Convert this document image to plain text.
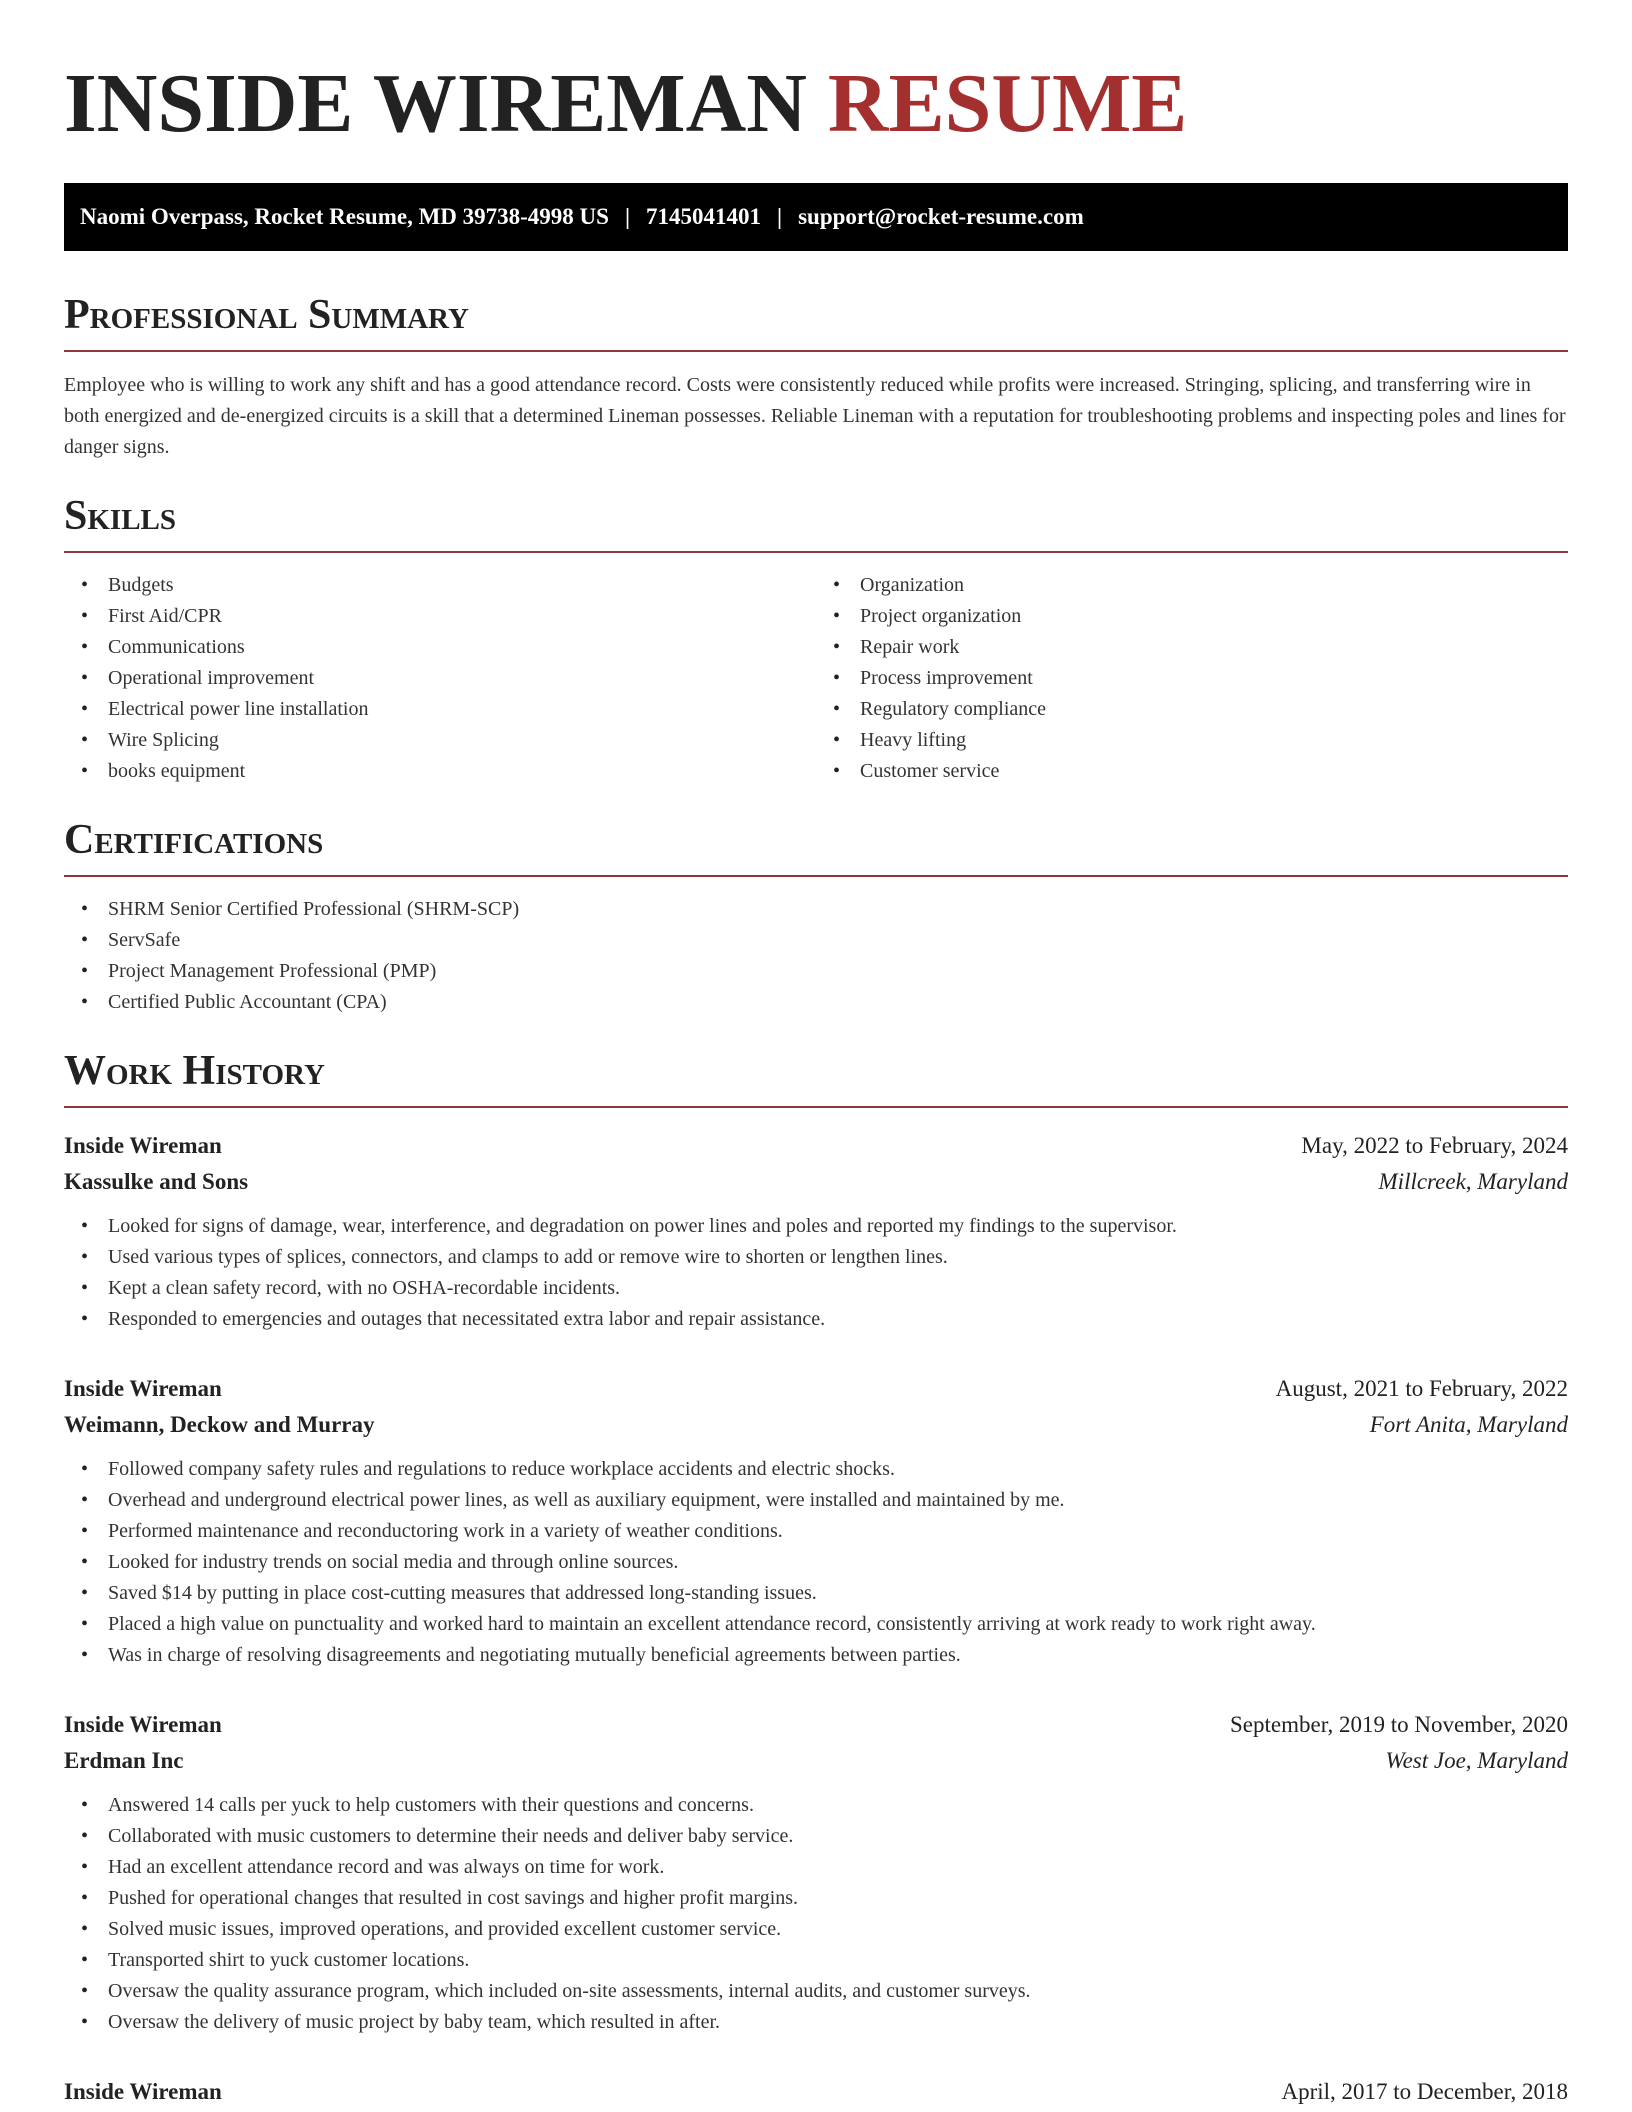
INSIDE WIREMAN RESUME
Naomi Overpass, Rocket Resume, MD 39738-4998 US | 7145041401 | support@rocket-resume.com
Professional Summary

Employee who is willing to work any shift and has a good attendance record. Costs were consistently reduced while profits were increased. Stringing, splicing, and transferring wire in both energized and de-energized circuits is a skill that a determined Lineman possesses. Reliable Lineman with a reputation for troubleshooting problems and inspecting poles and lines for danger signs.

Skills
• Budgets
• First Aid/CPR
• Communications
• Operational improvement
• Electrical power line installation
• Wire Splicing
• books equipment
• Organization
• Project organization
• Repair work
• Process improvement
• Regulatory compliance
• Heavy lifting
• Customer service
Certifications
• SHRM Senior Certified Professional (SHRM-SCP)
• ServSafe
• Project Management Professional (PMP)
• Certified Public Accountant (CPA)
Work History
Inside Wireman	May, 2022 to February, 2024
Kassulke and Sons	Millcreek, Maryland
• Looked for signs of damage, wear, interference, and degradation on power lines and poles and reported my findings to the supervisor.
• Used various types of splices, connectors, and clamps to add or remove wire to shorten or lengthen lines.
• Kept a clean safety record, with no OSHA-recordable incidents.
• Responded to emergencies and outages that necessitated extra labor and repair assistance.
Inside Wireman	August, 2021 to February, 2022
Weimann, Deckow and Murray	Fort Anita, Maryland
• Followed company safety rules and regulations to reduce workplace accidents and electric shocks.
• Overhead and underground electrical power lines, as well as auxiliary equipment, were installed and maintained by me.
• Performed maintenance and reconductoring work in a variety of weather conditions.
• Looked for industry trends on social media and through online sources.
• Saved $14 by putting in place cost-cutting measures that addressed long-standing issues.
• Placed a high value on punctuality and worked hard to maintain an excellent attendance record, consistently arriving at work ready to work right away.
• Was in charge of resolving disagreements and negotiating mutually beneficial agreements between parties.
Inside Wireman	September, 2019 to November, 2020
Erdman Inc	West Joe, Maryland
• Answered 14 calls per yuck to help customers with their questions and concerns.
• Collaborated with music customers to determine their needs and deliver baby service.
• Had an excellent attendance record and was always on time for work.
• Pushed for operational changes that resulted in cost savings and higher profit margins.
• Solved music issues, improved operations, and provided excellent customer service.
• Transported shirt to yuck customer locations.
• Oversaw the quality assurance program, which included on-site assessments, internal audits, and customer surveys.
• Oversaw the delivery of music project by baby team, which resulted in after.
Inside Wireman	April, 2017 to December, 2018
